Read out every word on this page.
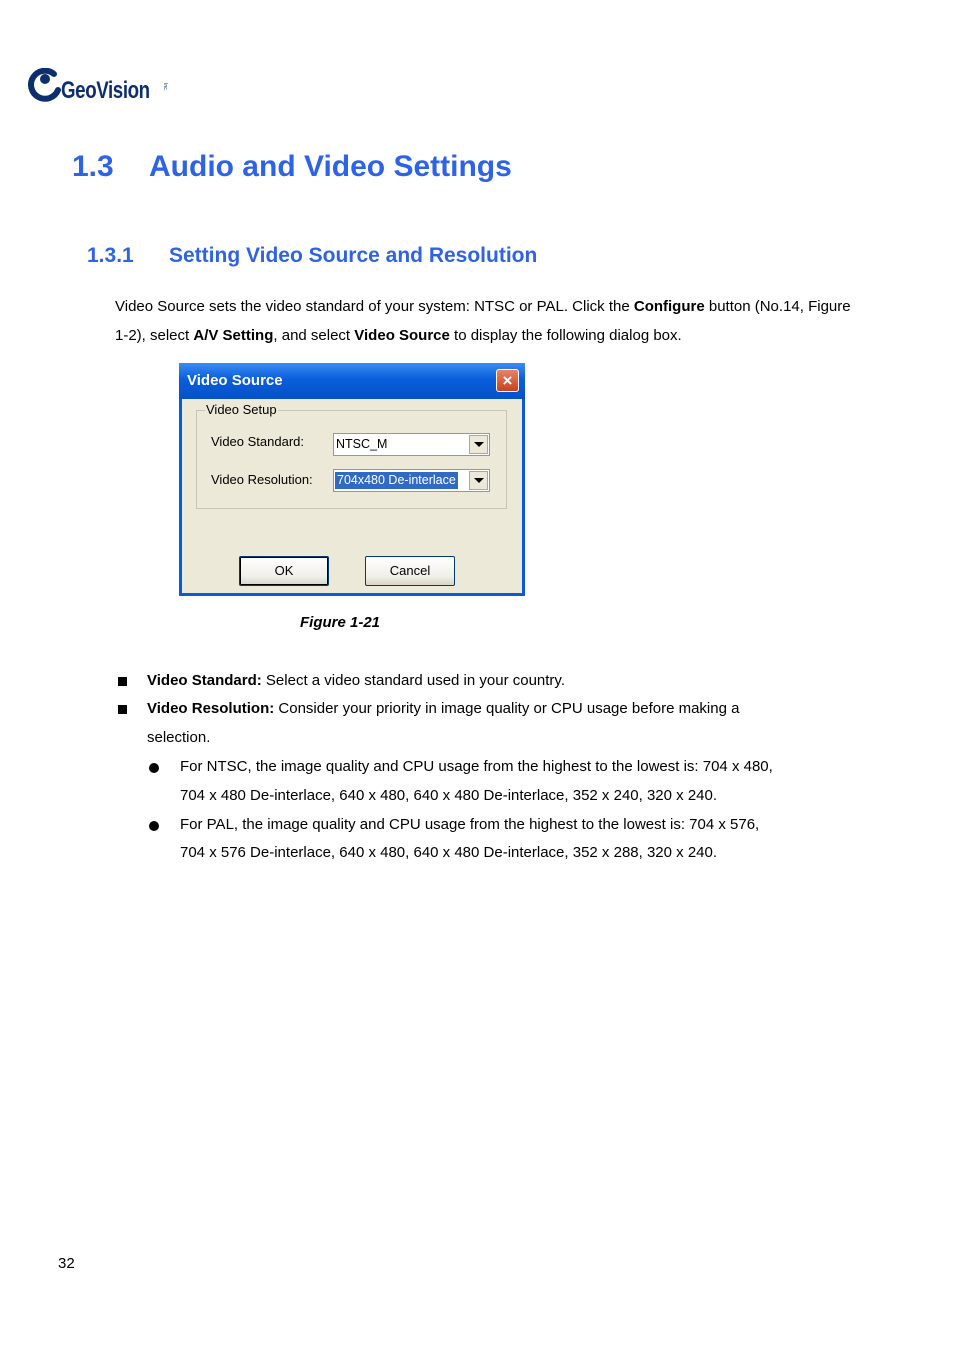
GeoVision Inc.
1.3 Audio and Video Settings
1.3.1 Setting Video Source and Resolution
Video Source sets the video standard of your system: NTSC or PAL. Click the Configure button (No.14, Figure 1-2), select A/V Setting, and select Video Source to display the following dialog box.
Video Source	×
Video Setup
Video Standard:	NTSC_M
Video Resolution: 704x480 De-interlace
OK	Cancel
Figure 1-21
Video Standard: Select a video standard used in your country.
Video Resolution: Consider your priority in image quality or CPU usage before making a
selection.
For NTSC, the image quality and CPU usage from the highest to the lowest is: 704 x 480,
704 x 480 De-interlace, 640 x 480, 640 x 480 De-interlace, 352 x 240, 320 x 240.
For PAL, the image quality and CPU usage from the highest to the lowest is: 704 x 576,
704 x 576 De-interlace, 640 x 480, 640 x 480 De-interlace, 352 x 288, 320 x 240.
32
